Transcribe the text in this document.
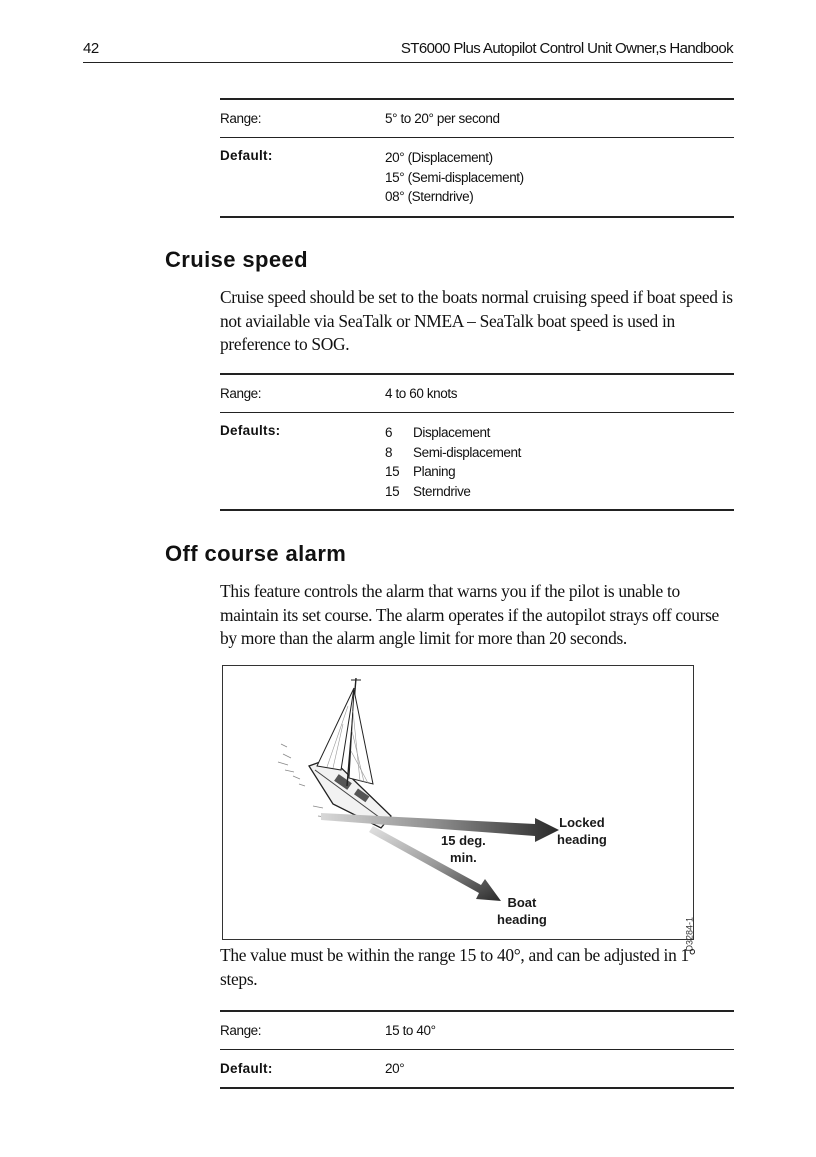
42	ST6000 Plus Autopilot Control Unit Owner,s Handbook
Range:	5° to 20° per second
Default:	20° (Displacement)
15° (Semi-displacement)
08° (Sterndrive)
Cruise speed

Cruise speed should be set to the boats normal cruising speed if boat speed is not aviailable via SeaTalk or NMEA – SeaTalk boat speed is used in preference to SOG.

Range:	4 to 60 knots
Defaults:	6 Displacement
8 Semi-displacement
15 Planing
15 Sterndrive
Off course alarm

This feature controls the alarm that warns you if the pilot is unable to maintain its set course. The alarm operates if the autopilot strays off course by more than the alarm angle limit for more than 20 seconds.

Locked
heading
15 deg.
min.
Boat
heading	D3284-1

The value must be within the range 15 to 40°, and can be adjusted in 1° steps.

Range:	15 to 40°
Default:	20°
